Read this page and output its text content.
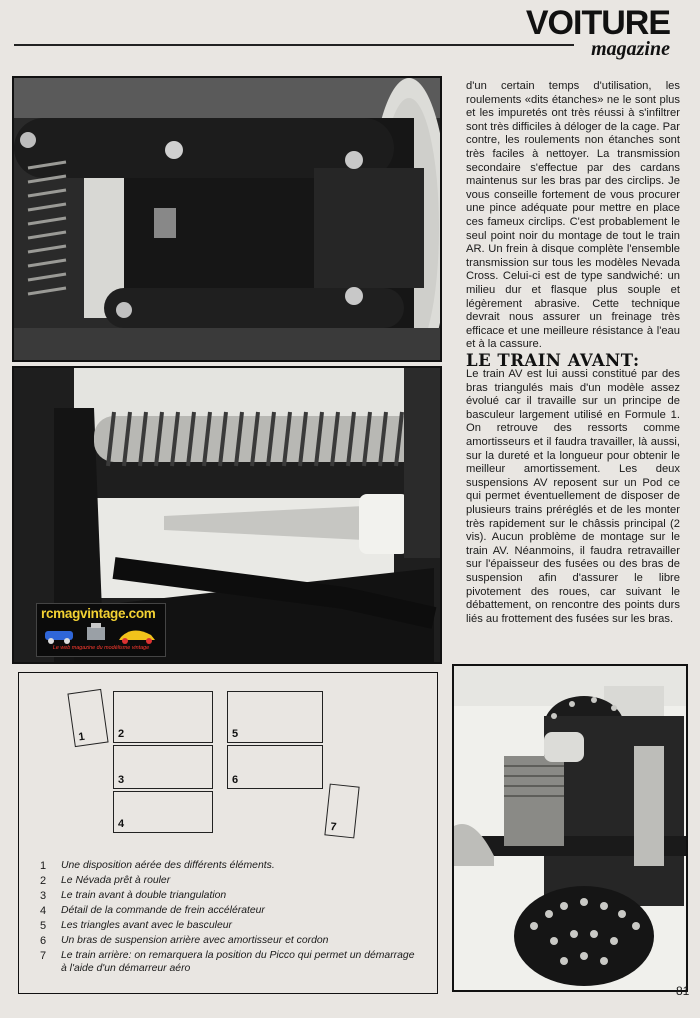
VOITURE
magazine
rcmagvintage.com
Le web magazine du modélisme vintage

d'un certain temps d'utilisation, les roulements «dits étanches» ne le sont plus et les impuretés ont très réussi à s'infiltrer sont très difficiles à déloger de la cage. Par contre, les roulements non étanches sont très faciles à nettoyer. La transmission secondaire s'effectue par des cardans maintenus sur les bras par des circlips. Je vous conseille fortement de vous procurer une pince adéquate pour mettre en place ces fameux circlips. C'est probablement le seul point noir du montage de tout le train AR. Un frein à disque complète l'ensemble transmission sur tous les modèles Nevada Cross. Celui-ci est de type sandwiché: un milieu dur et flasque plus souple et légèrement abrasive. Cette technique devrait nous assurer un freinage très efficace et une meilleure résistance à l'eau et à la cassure.

LE TRAIN AVANT:

Le train AV est lui aussi constitué par des bras triangulés mais d'un modèle assez évolué car il travaille sur un principe de basculeur largement utilisé en Formule 1. On retrouve des ressorts comme amortisseurs et il faudra travailler, là aussi, sur la dureté et la longueur pour obtenir le meilleur amortissement. Les deux suspensions AV reposent sur un Pod ce qui permet éventuellement de disposer de plusieurs trains préréglés et de les monter très rapidement sur le châssis principal (2 vis). Aucun problème de montage sur le train AV. Néanmoins, il faudra retravailler sur l'épaisseur des fusées ou des bras de suspension afin d'assurer le libre pivotement des roues, car suivant le débattement, on rencontre des points durs liés au frottement des fusées sur les bras.

1	2
3
4
5
6
7
1	Une disposition aérée des différents éléments.
2	Le Névada prêt à rouler
3	Le train avant à double triangulation
4	Détail de la commande de frein accélérateur
5	Les triangles avant avec le basculeur
6	Un bras de suspension arrière avec amortisseur et cordon
7	Le train arrière: on remarquera la position du Picco qui permet un démarrage à l'aide d'un démarreur aéro
81
